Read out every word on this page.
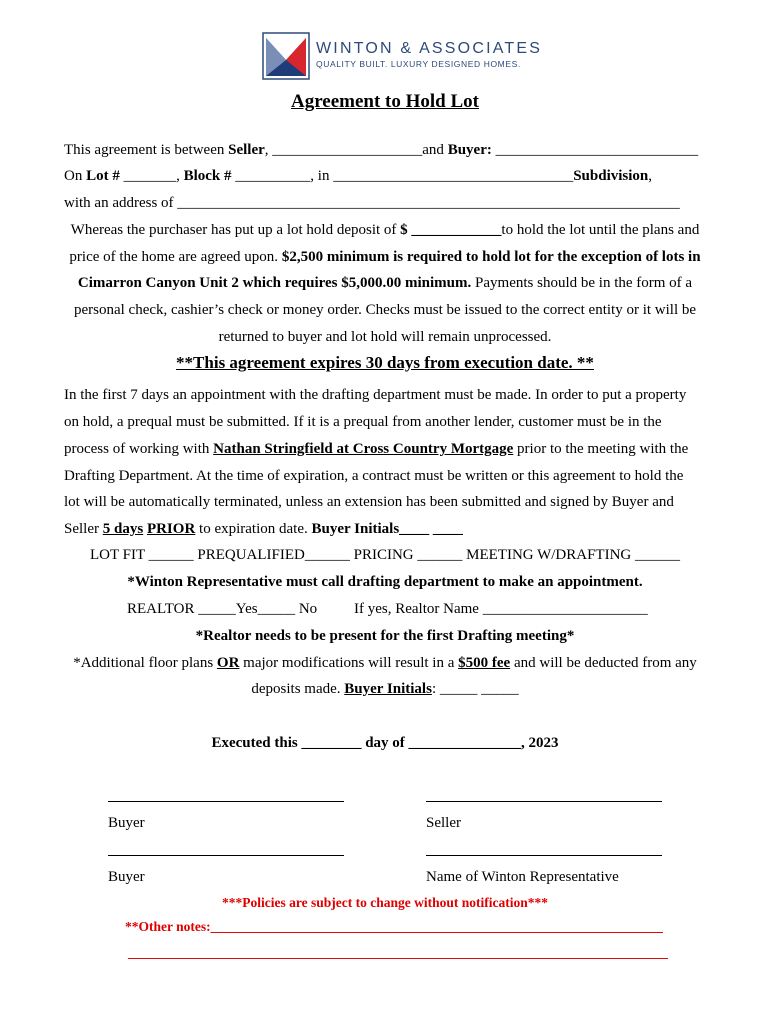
WINTON & ASSOCIATES
QUALITY BUILT. LUXURY DESIGNED HOMES.
Agreement to Hold Lot
This agreement is between Seller, ____________________and Buyer: ___________________________
On Lot # _______, Block # __________, in ________________________________Subdivision,
with an address of ___________________________________________________________________
Whereas the purchaser has put up a lot hold deposit of $ ____________to hold the lot until the plans and
price of the home are agreed upon. $2,500 minimum is required to hold lot for the exception of lots in
Cimarron Canyon Unit 2 which requires $5,000.00 minimum. Payments should be in the form of a
personal check, cashier’s check or money order. Checks must be issued to the correct entity or it will be
returned to buyer and lot hold will remain unprocessed.
**This agreement expires 30 days from execution date. **
In the first 7 days an appointment with the drafting department must be made. In order to put a property
on hold, a prequal must be submitted. If it is a prequal from another lender, customer must be in the
process of working with Nathan Stringfield at Cross Country Mortgage prior to the meeting with the
Drafting Department. At the time of expiration, a contract must be written or this agreement to hold the
lot will be automatically terminated, unless an extension has been submitted and signed by Buyer and
Seller 5 days PRIOR to expiration date. Buyer Initials____ ____
LOT FIT ______ PREQUALIFIED______ PRICING ______ MEETING W/DRAFTING ______
*Winton Representative must call drafting department to make an appointment.
REALTOR _____Yes_____ No If yes, Realtor Name ______________________
*Realtor needs to be present for the first Drafting meeting*
*Additional floor plans OR major modifications will result in a $500 fee and will be deducted from any
deposits made. Buyer Initials: _____ _____
Executed this ________ day of _______________, 2023
Buyer	Seller
Buyer	Name of Winton Representative
***Policies are subject to change without notification***
**Other notes:___________________________________________________________________
________________________________________________________________________________
